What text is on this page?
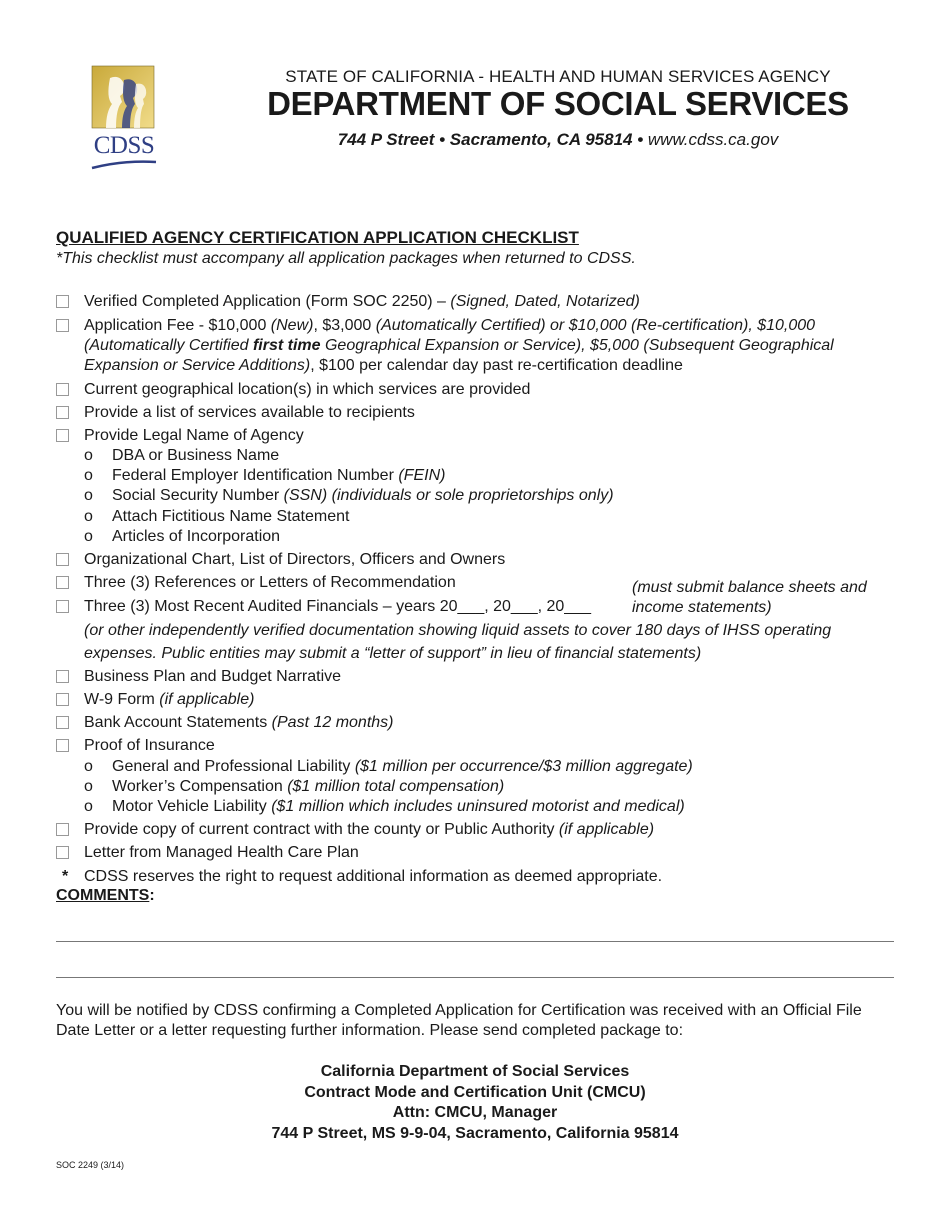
CDSS
STATE OF CALIFORNIA - HEALTH AND HUMAN SERVICES AGENCY
DEPARTMENT OF SOCIAL SERVICES
744 P Street • Sacramento, CA 95814 • www.cdss.ca.gov
QUALIFIED AGENCY CERTIFICATION APPLICATION CHECKLIST
*This checklist must accompany all application packages when returned to CDSS.
Verified Completed Application (Form SOC 2250) – (Signed, Dated, Notarized)
Application Fee - $10,000 (New), $3,000 (Automatically Certified) or $10,000 (Re-certification), $10,000
(Automatically Certified first time Geographical Expansion or Service), $5,000 (Subsequent Geographical
Expansion or Service Additions), $100 per calendar day past re-certification deadline
Current geographical location(s) in which services are provided
Provide a list of services available to recipients
Provide Legal Name of Agency
o DBA or Business Name
o Federal Employer Identification Number (FEIN)
o Social Security Number (SSN) (individuals or sole proprietorships only)
o Attach Fictitious Name Statement
o Articles of Incorporation
Organizational Chart, List of Directors, Officers and Owners
Three (3) References or Letters of Recommendation	(must submit balance sheets and
Three (3) Most Recent Audited Financials – years 20___, 20___, 20___	income statements)
(or other independently verified documentation showing liquid assets to cover 180 days of IHSS operating
expenses. Public entities may submit a “letter of support” in lieu of financial statements)
Business Plan and Budget Narrative
W-9 Form (if applicable)
Bank Account Statements (Past 12 months)
Proof of Insurance
o General and Professional Liability ($1 million per occurrence/$3 million aggregate)
o Worker’s Compensation ($1 million total compensation)
o Motor Vehicle Liability ($1 million which includes uninsured motorist and medical)
Provide copy of current contract with the county or Public Authority (if applicable)
Letter from Managed Health Care Plan
* CDSS reserves the right to request additional information as deemed appropriate.
COMMENTS:
You will be notified by CDSS confirming a Completed Application for Certification was received with an Official File Date Letter or a letter requesting further information. Please send completed package to:
California Department of Social Services
Contract Mode and Certification Unit (CMCU)
Attn: CMCU, Manager
744 P Street, MS 9-9-04, Sacramento, California 95814
SOC 2249 (3/14)
